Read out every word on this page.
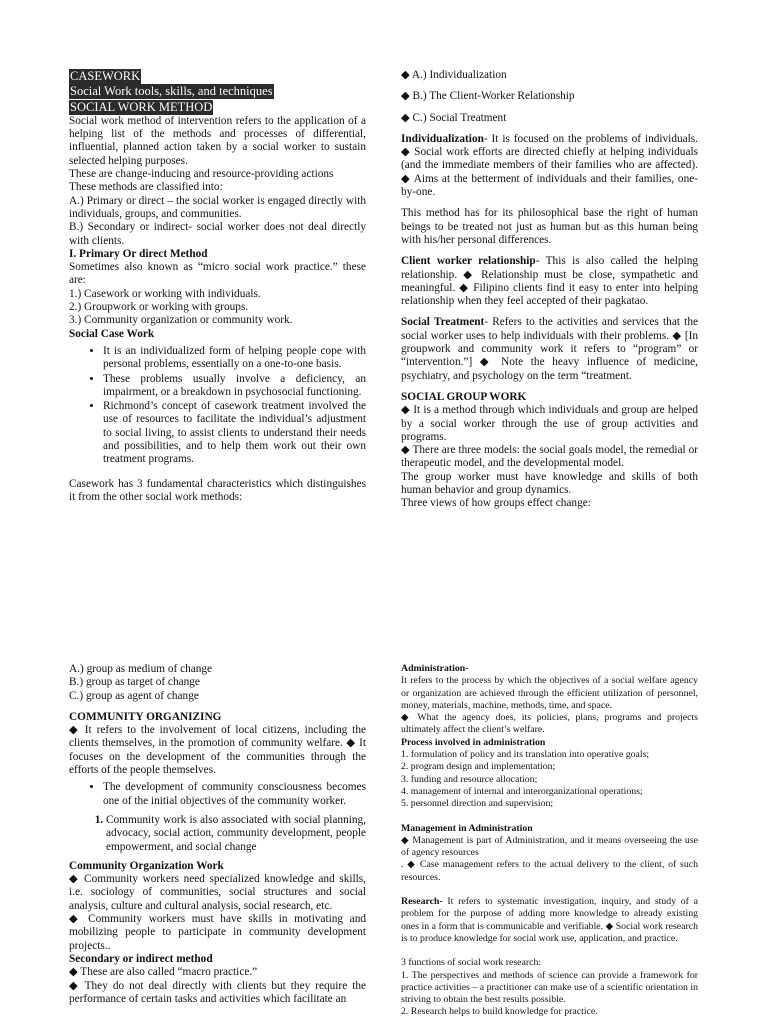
CASEWORK
Social Work tools, skills, and techniques
SOCIAL WORK METHOD

Social work method of intervention refers to the application of a helping list of the methods and processes of differential, influential, planned action taken by a social worker to sustain selected helping purposes.

These are change-inducing and resource-providing actions

These methods are classified into:

A.) Primary or direct – the social worker is engaged directly with individuals, groups, and communities.

B.) Secondary or indirect- social worker does not deal directly with clients.

I. Primary Or direct Method

Sometimes also known as “micro social work practice.” these are:

1.) Casework or working with individuals.

2.) Groupwork or working with groups.

3.) Community organization or community work.

Social Case Work

• It is an individualized form of helping people cope with personal problems, essentially on a one-to-one basis.
• These problems usually involve a deficiency, an impairment, or a breakdown in psychosocial functioning.
• Richmond’s concept of casework treatment involved the use of resources to facilitate the individual’s adjustment to social living, to assist clients to understand their needs and possibilities, and to help them work out their own treatment programs.

Casework has 3 fundamental characteristics which distinguishes it from the other social work methods:

◆ A.) Individualization

◆ B.) The Client-Worker Relationship

◆ C.) Social Treatment

Individualization- It is focused on the problems of individuals. ◆ Social work efforts are directed chiefly at helping individuals (and the immediate members of their families who are affected). ◆ Aims at the betterment of individuals and their families, one-by-one.

This method has for its philosophical base the right of human beings to be treated not just as human but as this human being with his/her personal differences.

Client worker relationship- This is also called the helping relationship. ◆ Relationship must be close, sympathetic and meaningful. ◆ Filipino clients find it easy to enter into helping relationship when they feel accepted of their pagkatao.

Social Treatment- Refers to the activities and services that the social worker uses to help individuals with their problems. ◆ [In groupwork and community work it refers to “program” or “intervention.”] ◆ Note the heavy influence of medicine, psychiatry, and psychology on the term “treatment.

SOCIAL GROUP WORK

◆ It is a method through which individuals and group are helped by a social worker through the use of group activities and programs.

◆ There are three models: the social goals model, the remedial or therapeutic model, and the developmental model.

The group worker must have knowledge and skills of both human behavior and group dynamics.

Three views of how groups effect change:

A.) group as medium of change

B.) group as target of change

C.) group as agent of change

COMMUNITY ORGANIZING

◆ It refers to the involvement of local citizens, including the clients themselves, in the promotion of community welfare. ◆ It focuses on the development of the communities through the efforts of the people themselves.

• The development of community consciousness becomes one of the initial objectives of the community worker.
1. Community work is also associated with social planning, advocacy, social action, community development, people empowerment, and social change

Community Organization Work

◆ Community workers need specialized knowledge and skills, i.e. sociology of communities, social structures and social analysis, culture and cultural analysis, social research, etc.

◆ Community workers must have skills in motivating and mobilizing people to participate in community development projects..

Secondary or indirect method

◆ These are also called “macro practice.”

◆ They do not deal directly with clients but they require the performance of certain tasks and activities which facilitate an

Administration-

It refers to the process by which the objectives of a social welfare agency or organization are achieved through the efficient utilization of personnel, money, materials, machine, methods, time, and space.

◆ What the agency does, its policies, plans, programs and projects ultimately affect the client’s welfare.

Process involved in administration

1. formulation of policy and its translation into operative goals;

2. program design and implementation;

3. funding and resource allocation;

4. management of internal and interorganizational operations;

5. personnel direction and supervision;

Management in Administration

◆ Management is part of Administration, and it means overseeing the use of agency resources

. ◆ Case management refers to the actual delivery to the client, of such resources.

Research- It refers to systematic investigation, inquiry, and study of a problem for the purpose of adding more knowledge to already existing ones in a form that is communicable and verifiable. ◆ Social work research is to produce knowledge for social work use, application, and practice.

3 functions of social work research:

1. The perspectives and methods of science can provide a framework for practice activities – a practitioner can make use of a scientific orientation in striving to obtain the best results possible.

2. Research helps to build knowledge for practice.
